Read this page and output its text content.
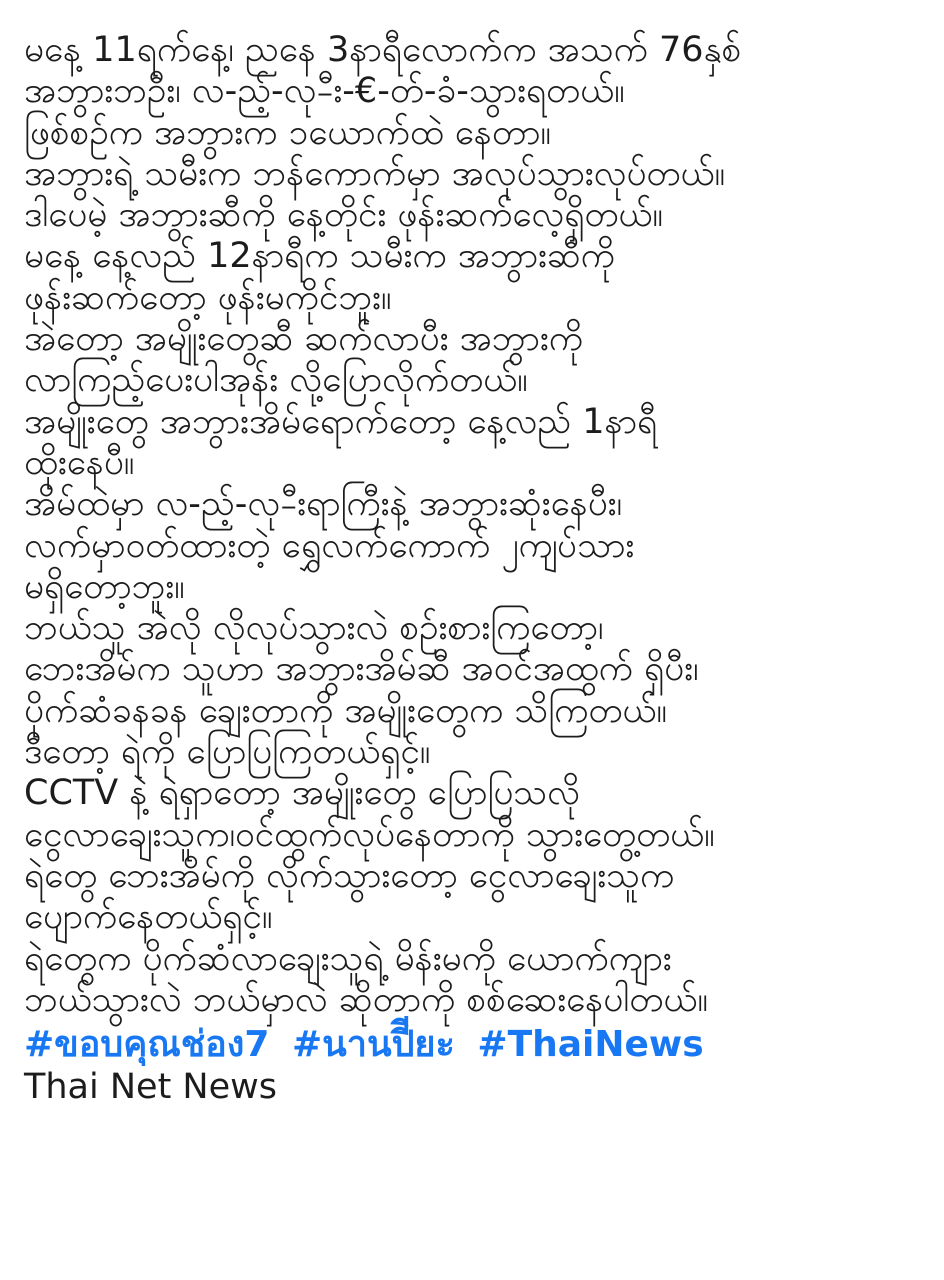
မနေ့ 11ရက်နေ့၊ ညနေ 3နာရီလောက်က အသက် 76နှစ်
အဘွားဘဦး၊ လ-ည့်-လု-ီး-€-တ်-ခံ-သွားရတယ်။
ဖြစ်စဉ်က အဘွားက ၁ယောက်ထဲ နေတာ။
အဘွားရဲ့ သမီးက ဘန်ကောက်မှာ အလုပ်သွားလုပ်တယ်။
ဒါပေမဲ့ အဘွားဆီကို နေ့တိုင်း ဖုန်းဆက်လေ့ရှိတယ်။
မနေ့ နေ့လည် 12နာရီက သမီးက အဘွားဆီကို
ဖုန်းဆက်တော့ ဖုန်းမကိုင်ဘူး။
အဲတော့ အမျိုးတွေဆီ ဆက်လာပီး အဘွားကို
လာကြည့်ပေးပါအုန်း လို့ပြောလိုက်တယ်။
အမျိုးတွေ အဘွားအိမ်ရောက်တော့ နေ့လည် 1နာရီ
ထိုးနေပီ။
အိမ်ထဲမှာ လ-ည့်-လု-ီးရာကြီးနဲ့ အဘွားဆုံးနေပီး၊
လက်မှာဝတ်ထားတဲ့ ရွှေလက်ကောက် ၂ကျပ်သား
မရှိတော့ဘူး။
ဘယ်သူ အဲလို လိုလုပ်သွားလဲ စဉ်းစားကြတော့၊
ဘေးအိမ်က သူဟာ အဘွားအိမ်ဆီ အဝင်အထွက် ရှိပီး၊
ပိုက်ဆံခနခန ချေးတာကို အမျိုးတွေက သိကြတယ်။
ဒီတော့ ရဲကို ပြောပြကြတယ်ရှင့်။
CCTV နဲ့ ရဲရှာတော့ အမျိုးတွေ ပြောပြသလို
ငွေလာချေးသူက၊ဝင်ထွက်လုပ်နေတာကို သွားတွေ့တယ်။
ရဲတွေ ဘေးအိမ်ကို လိုက်သွားတော့ ငွေလာချေးသူက
ပျောက်နေတယ်ရှင့်။
ရဲတွေက ပိုက်ဆံလာချေးသူရဲ့ မိန်းမကို ယောက်ကျား
ဘယ်သွားလဲ ဘယ်မှာလဲ ဆိုတာကို စစ်ဆေးနေပါတယ်။
#ขอบคุณช่อง7 #นานปีียะ #ThaiNews
Thai Net News
